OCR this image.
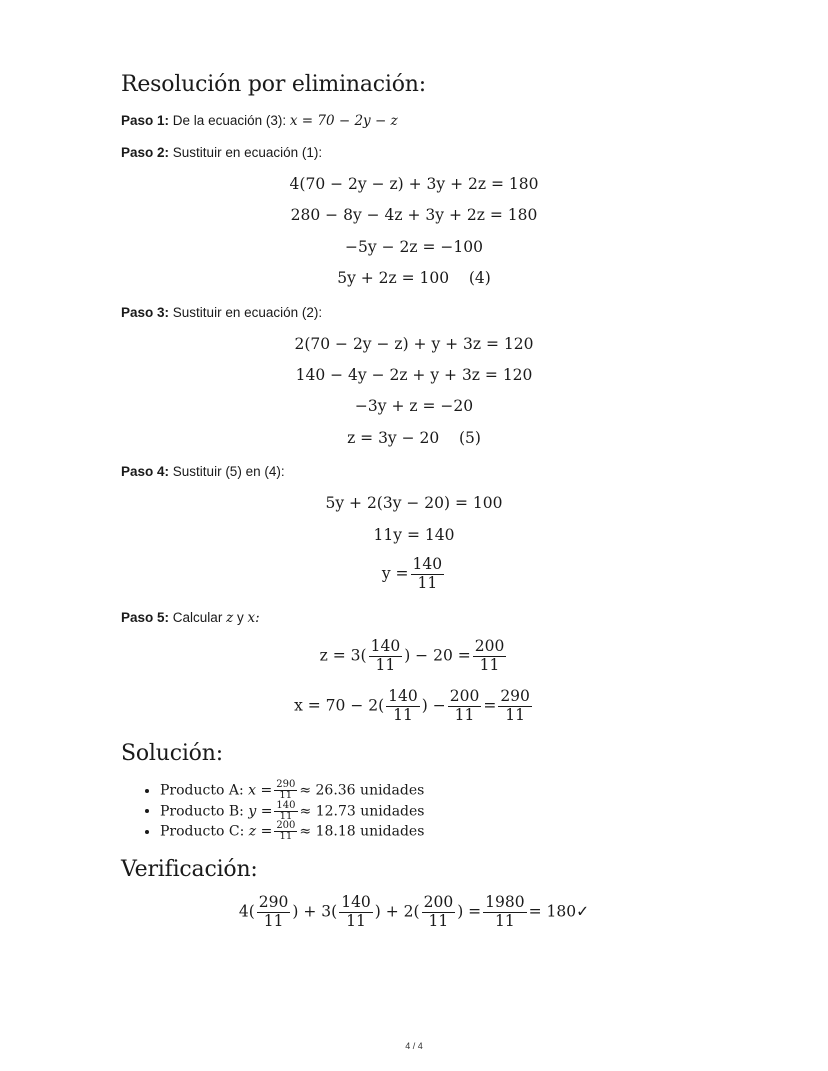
Resolución por eliminación:
Paso 1: De la ecuación (3): x = 70 − 2y − z
Paso 2: Sustituir en ecuación (1):
4(70 − 2y − z) + 3y + 2z = 180
280 − 8y − 4z + 3y + 2z = 180
−5y − 2z = −100
5y + 2z = 100    (4)
Paso 3: Sustituir en ecuación (2):
2(70 − 2y − z) + y + 3z = 120
140 − 4y − 2z + y + 3z = 120
−3y + z = −20
z = 3y − 20    (5)
Paso 4: Sustituir (5) en (4):
5y + 2(3y − 20) = 100
11y = 140
$y = \frac{140}{11}$
Paso 5: Calcular z y x:
$z = 3( \frac{140}{11}$ ) − $20 = \frac{200}{11}$
$x = 70 - 2( \frac{140}{11}$ ) − $\frac{200}{11} = \frac{290}{11}$
Solución:
• Producto A: $x = \frac{290}{11} \approx 26.36$ unidades
• Producto B: $y = \frac{140}{11} \approx 12.73$ unidades
• Producto C: $z = \frac{200}{11} \approx 18.18$ unidades
Verificación:
$4( \frac{290}{11}$ ) + $3( \frac{140}{11}$ ) + $2( \frac{200}{11}$ ) = $\frac{1980}{11}$ = 180✓
4 / 4
